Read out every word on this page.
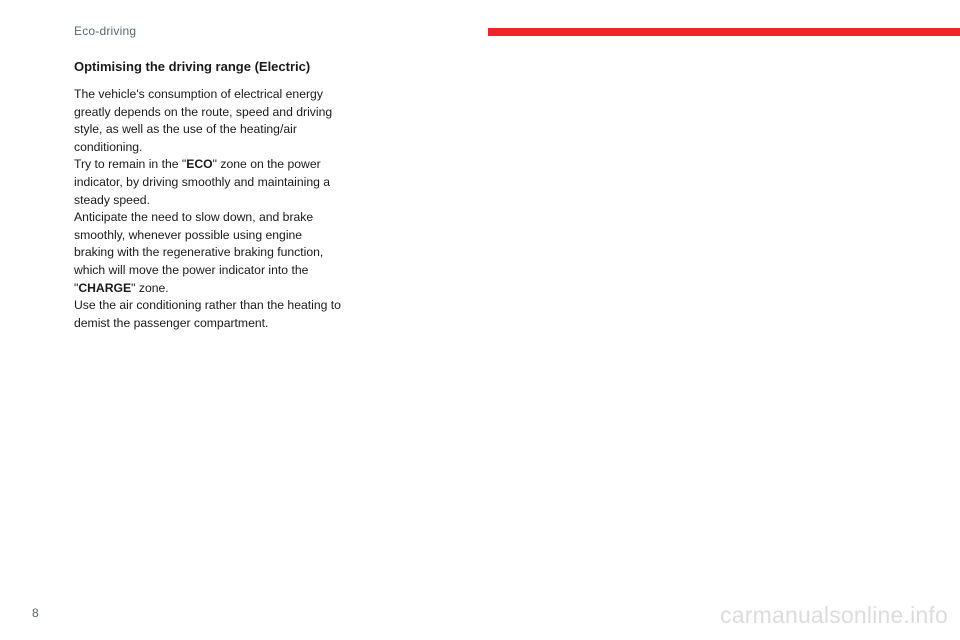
Eco-driving
Optimising the driving range (Electric)

The vehicle's consumption of electrical energy greatly depends on the route, speed and driving style, as well as the use of the heating/air conditioning.

Try to remain in the "ECO" zone on the power indicator, by driving smoothly and maintaining a steady speed.

Anticipate the need to slow down, and brake smoothly, whenever possible using engine braking with the regenerative braking function, which will move the power indicator into the "CHARGE" zone.

Use the air conditioning rather than the heating to demist the passenger compartment.

8	carmanualsonline.info
